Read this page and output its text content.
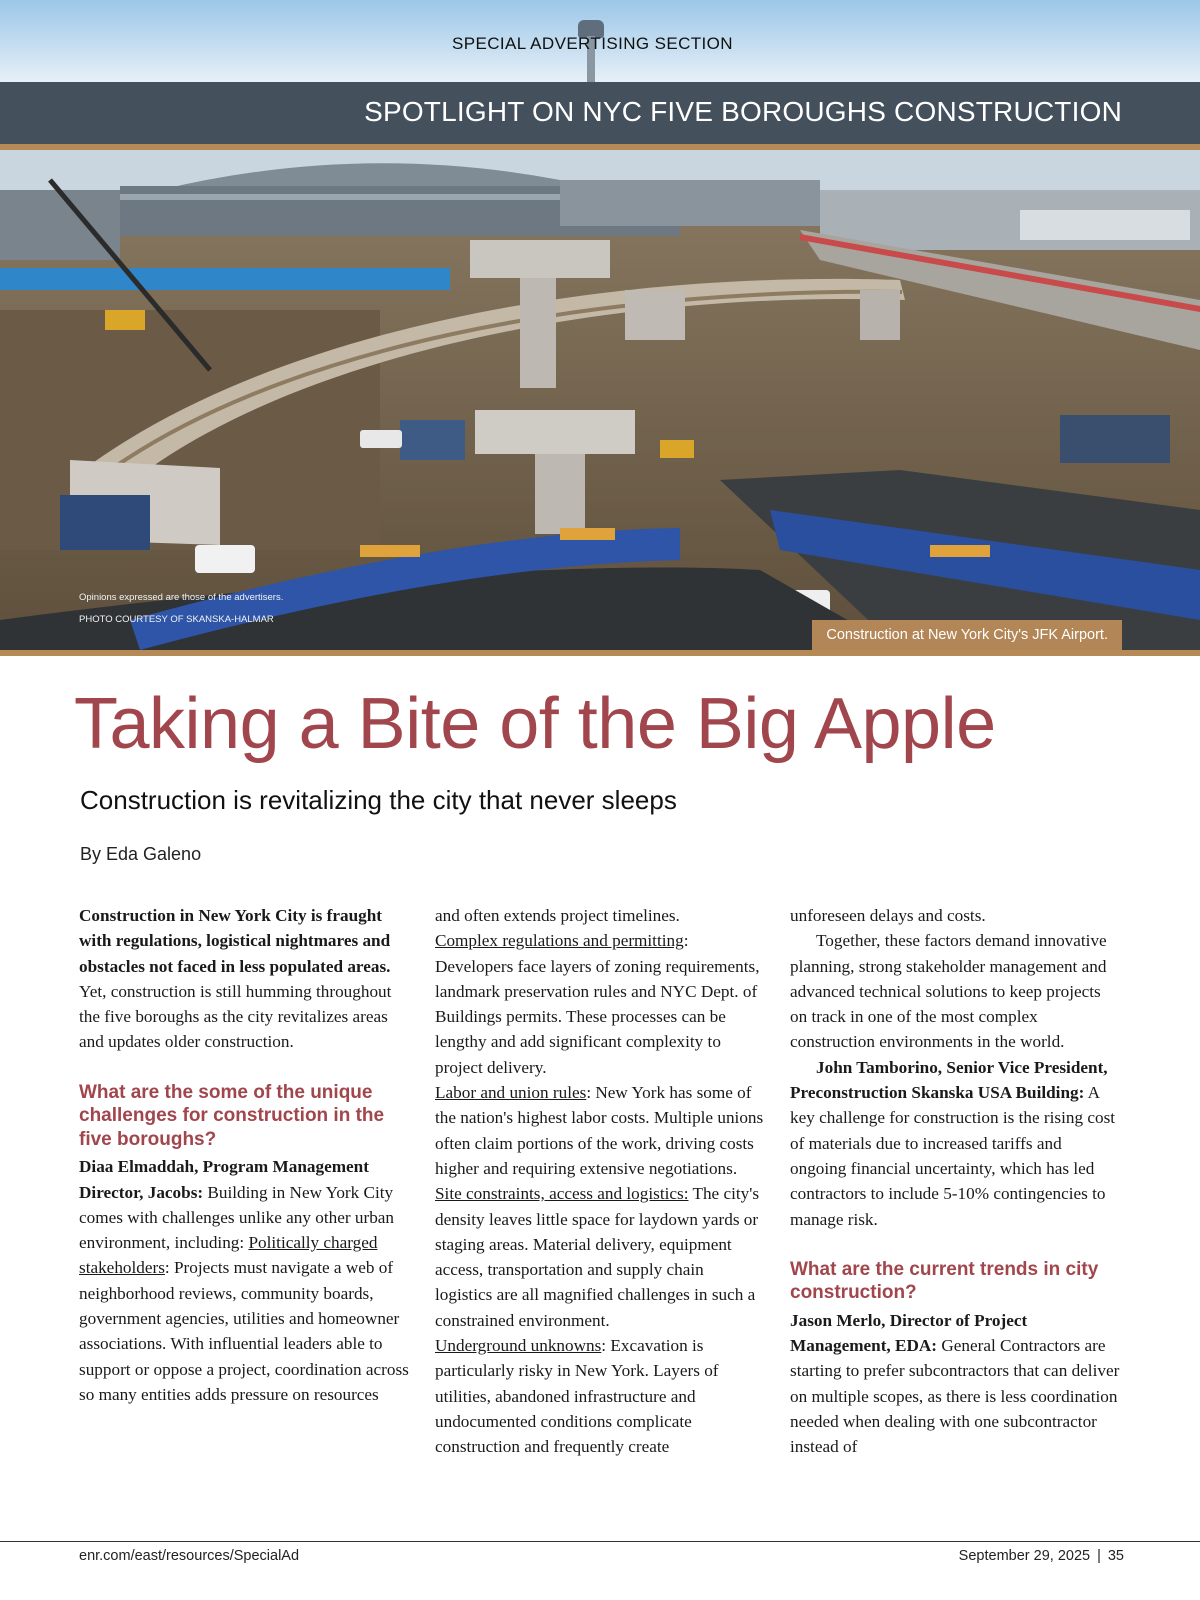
SPECIAL ADVERTISING SECTION
SPOTLIGHT ON NYC FIVE BOROUGHS CONSTRUCTION
Opinions expressed are those of the advertisers.
PHOTO COURTESY OF SKANSKA-HALMAR
Construction at New York City's JFK Airport.
Taking a Bite of the Big Apple
Construction is revitalizing the city that never sleeps
By Eda Galeno

Construction in New York City is fraught with regulations, logistical nightmares and obstacles not faced in less populated areas. Yet, construction is still humming throughout the five boroughs as the city revitalizes areas and updates older construction.

What are the some of the unique challenges for construction in the five boroughs?

Diaa Elmaddah, Program Management Director, Jacobs: Building in New York City comes with challenges unlike any other urban environment, including: Politically charged stakeholders: Projects must navigate a web of neighborhood reviews, community boards, government agencies, utilities and homeowner associations. With influential leaders able to support or oppose a project, coordination across so many entities adds pressure on resources

and often extends project timelines.

Complex regulations and permitting: Developers face layers of zoning requirements, landmark preservation rules and NYC Dept. of Buildings permits. These processes can be lengthy and add significant complexity to project delivery.

Labor and union rules: New York has some of the nation's highest labor costs. Multiple unions often claim portions of the work, driving costs higher and requiring extensive negotiations.

Site constraints, access and logistics: The city's density leaves little space for laydown yards or staging areas. Material delivery, equipment access, transportation and supply chain logistics are all magnified challenges in such a constrained environment.

Underground unknowns: Excavation is particularly risky in New York. Layers of utilities, abandoned infrastructure and undocumented conditions complicate construction and frequently create

unforeseen delays and costs.

Together, these factors demand innovative planning, strong stakeholder management and advanced technical solutions to keep projects on track in one of the most complex construction environments in the world.

John Tamborino, Senior Vice President, Preconstruction Skanska USA Building: A key challenge for construction is the rising cost of materials due to increased tariffs and ongoing financial uncertainty, which has led contractors to include 5-10% contingencies to manage risk.

What are the current trends in city construction?

Jason Merlo, Director of Project Management, EDA: General Contractors are starting to prefer subcontractors that can deliver on multiple scopes, as there is less coordination needed when dealing with one subcontractor instead of

enr.com/east/resources/SpecialAd	September 29, 2025 | 35
